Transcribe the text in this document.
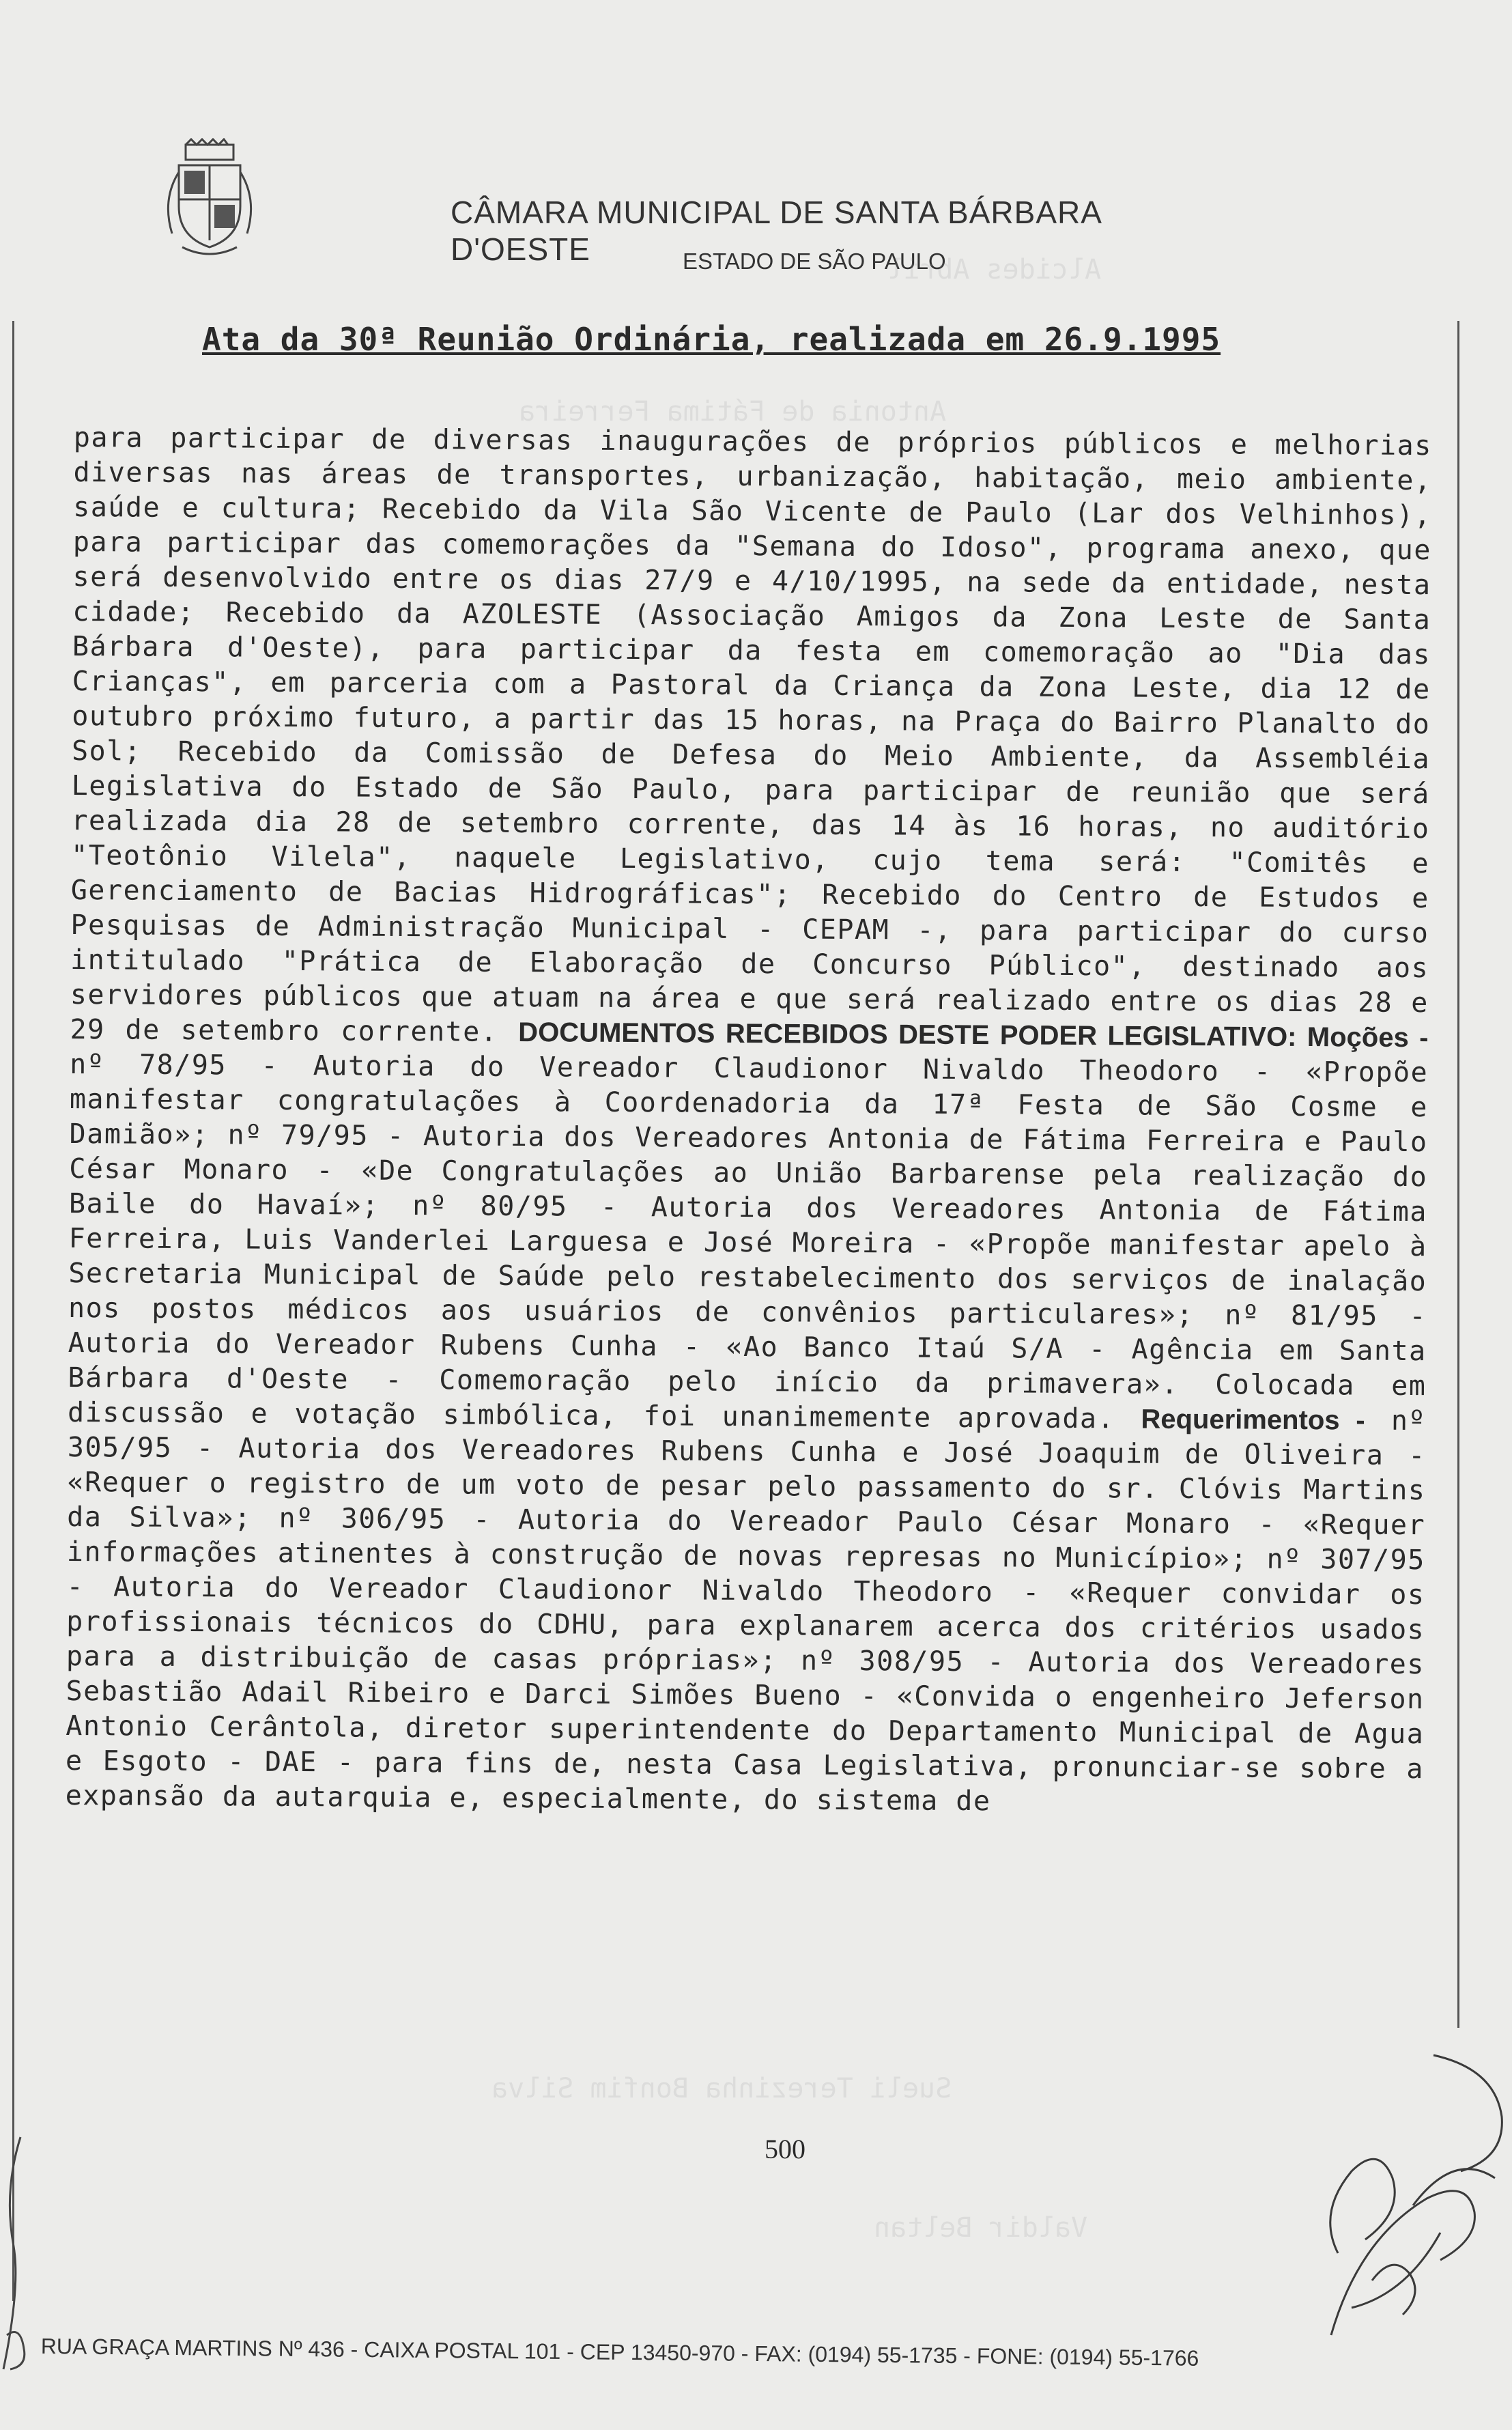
CÂMARA MUNICIPAL DE SANTA BÁRBARA D'OESTE	ESTADO DE SÃO PAULO
Alcides Abril
Antonia de Fátima Ferreira
Sueli Terezinha Bonfim Silva
Valdir Beltan
Ata da 30ª Reunião Ordinária, realizada em 26.9.1995

para participar de diversas inaugurações de próprios públicos e melhorias diversas nas áreas de transportes, urbanização, habitação, meio ambiente, saúde e cultura; Recebido da Vila São Vicente de Paulo (Lar dos Velhinhos), para participar das comemorações da "Semana do Idoso", programa anexo, que será desenvolvido entre os dias 27/9 e 4/10/1995, na sede da entidade, nesta cidade; Recebido da AZOLESTE (Associação Amigos da Zona Leste de Santa Bárbara d'Oeste), para participar da festa em comemoração ao "Dia das Crianças", em parceria com a Pastoral da Criança da Zona Leste, dia 12 de outubro próximo futuro, a partir das 15 horas, na Praça do Bairro Planalto do Sol; Recebido da Comissão de Defesa do Meio Ambiente, da Assembléia Legislativa do Estado de São Paulo, para participar de reunião que será realizada dia 28 de setembro corrente, das 14 às 16 horas, no auditório "Teotônio Vilela", naquele Legislativo, cujo tema será: "Comitês e Gerenciamento de Bacias Hidrográficas"; Recebido do Centro de Estudos e Pesquisas de Administração Municipal - CEPAM -, para participar do curso intitulado "Prática de Elaboração de Concurso Público", destinado aos servidores públicos que atuam na área e que será realizado entre os dias 28 e 29 de setembro corrente. DOCUMENTOS RECEBIDOS DESTE PODER LEGISLATIVO: Moções - nº 78/95 - Autoria do Vereador Claudionor Nivaldo Theodoro - «Propõe manifestar congratulações à Coordenadoria da 17ª Festa de São Cosme e Damião»; nº 79/95 - Autoria dos Vereadores Antonia de Fátima Ferreira e Paulo César Monaro - «De Congratulações ao União Barbarense pela realização do Baile do Havaí»; nº 80/95 - Autoria dos Vereadores Antonia de Fátima Ferreira, Luis Vanderlei Larguesa e José Moreira - «Propõe manifestar apelo à Secretaria Municipal de Saúde pelo restabelecimento dos serviços de inalação nos postos médicos aos usuários de convênios particulares»; nº 81/95 - Autoria do Vereador Rubens Cunha - «Ao Banco Itaú S/A - Agência em Santa Bárbara d'Oeste - Comemoração pelo início da primavera». Colocada em discussão e votação simbólica, foi unanimemente aprovada. Requerimentos - nº 305/95 - Autoria dos Vereadores Rubens Cunha e José Joaquim de Oliveira - «Requer o registro de um voto de pesar pelo passamento do sr. Clóvis Martins da Silva»; nº 306/95 - Autoria do Vereador Paulo César Monaro - «Requer informações atinentes à construção de novas represas no Município»; nº 307/95 - Autoria do Vereador Claudionor Nivaldo Theodoro - «Requer convidar os profissionais técnicos do CDHU, para explanarem acerca dos critérios usados para a distribuição de casas próprias»; nº 308/95 - Autoria dos Vereadores Sebastião Adail Ribeiro e Darci Simões Bueno - «Convida o engenheiro Jeferson Antonio Cerântola, diretor superintendente do Departamento Municipal de Agua e Esgoto - DAE - para fins de, nesta Casa Legislativa, pronunciar-se sobre a expansão da autarquia e, especialmente, do sistema de

500
RUA GRAÇA MARTINS Nº 436 - CAIXA POSTAL 101 - CEP 13450-970 - FAX: (0194) 55-1735 - FONE: (0194) 55-1766
